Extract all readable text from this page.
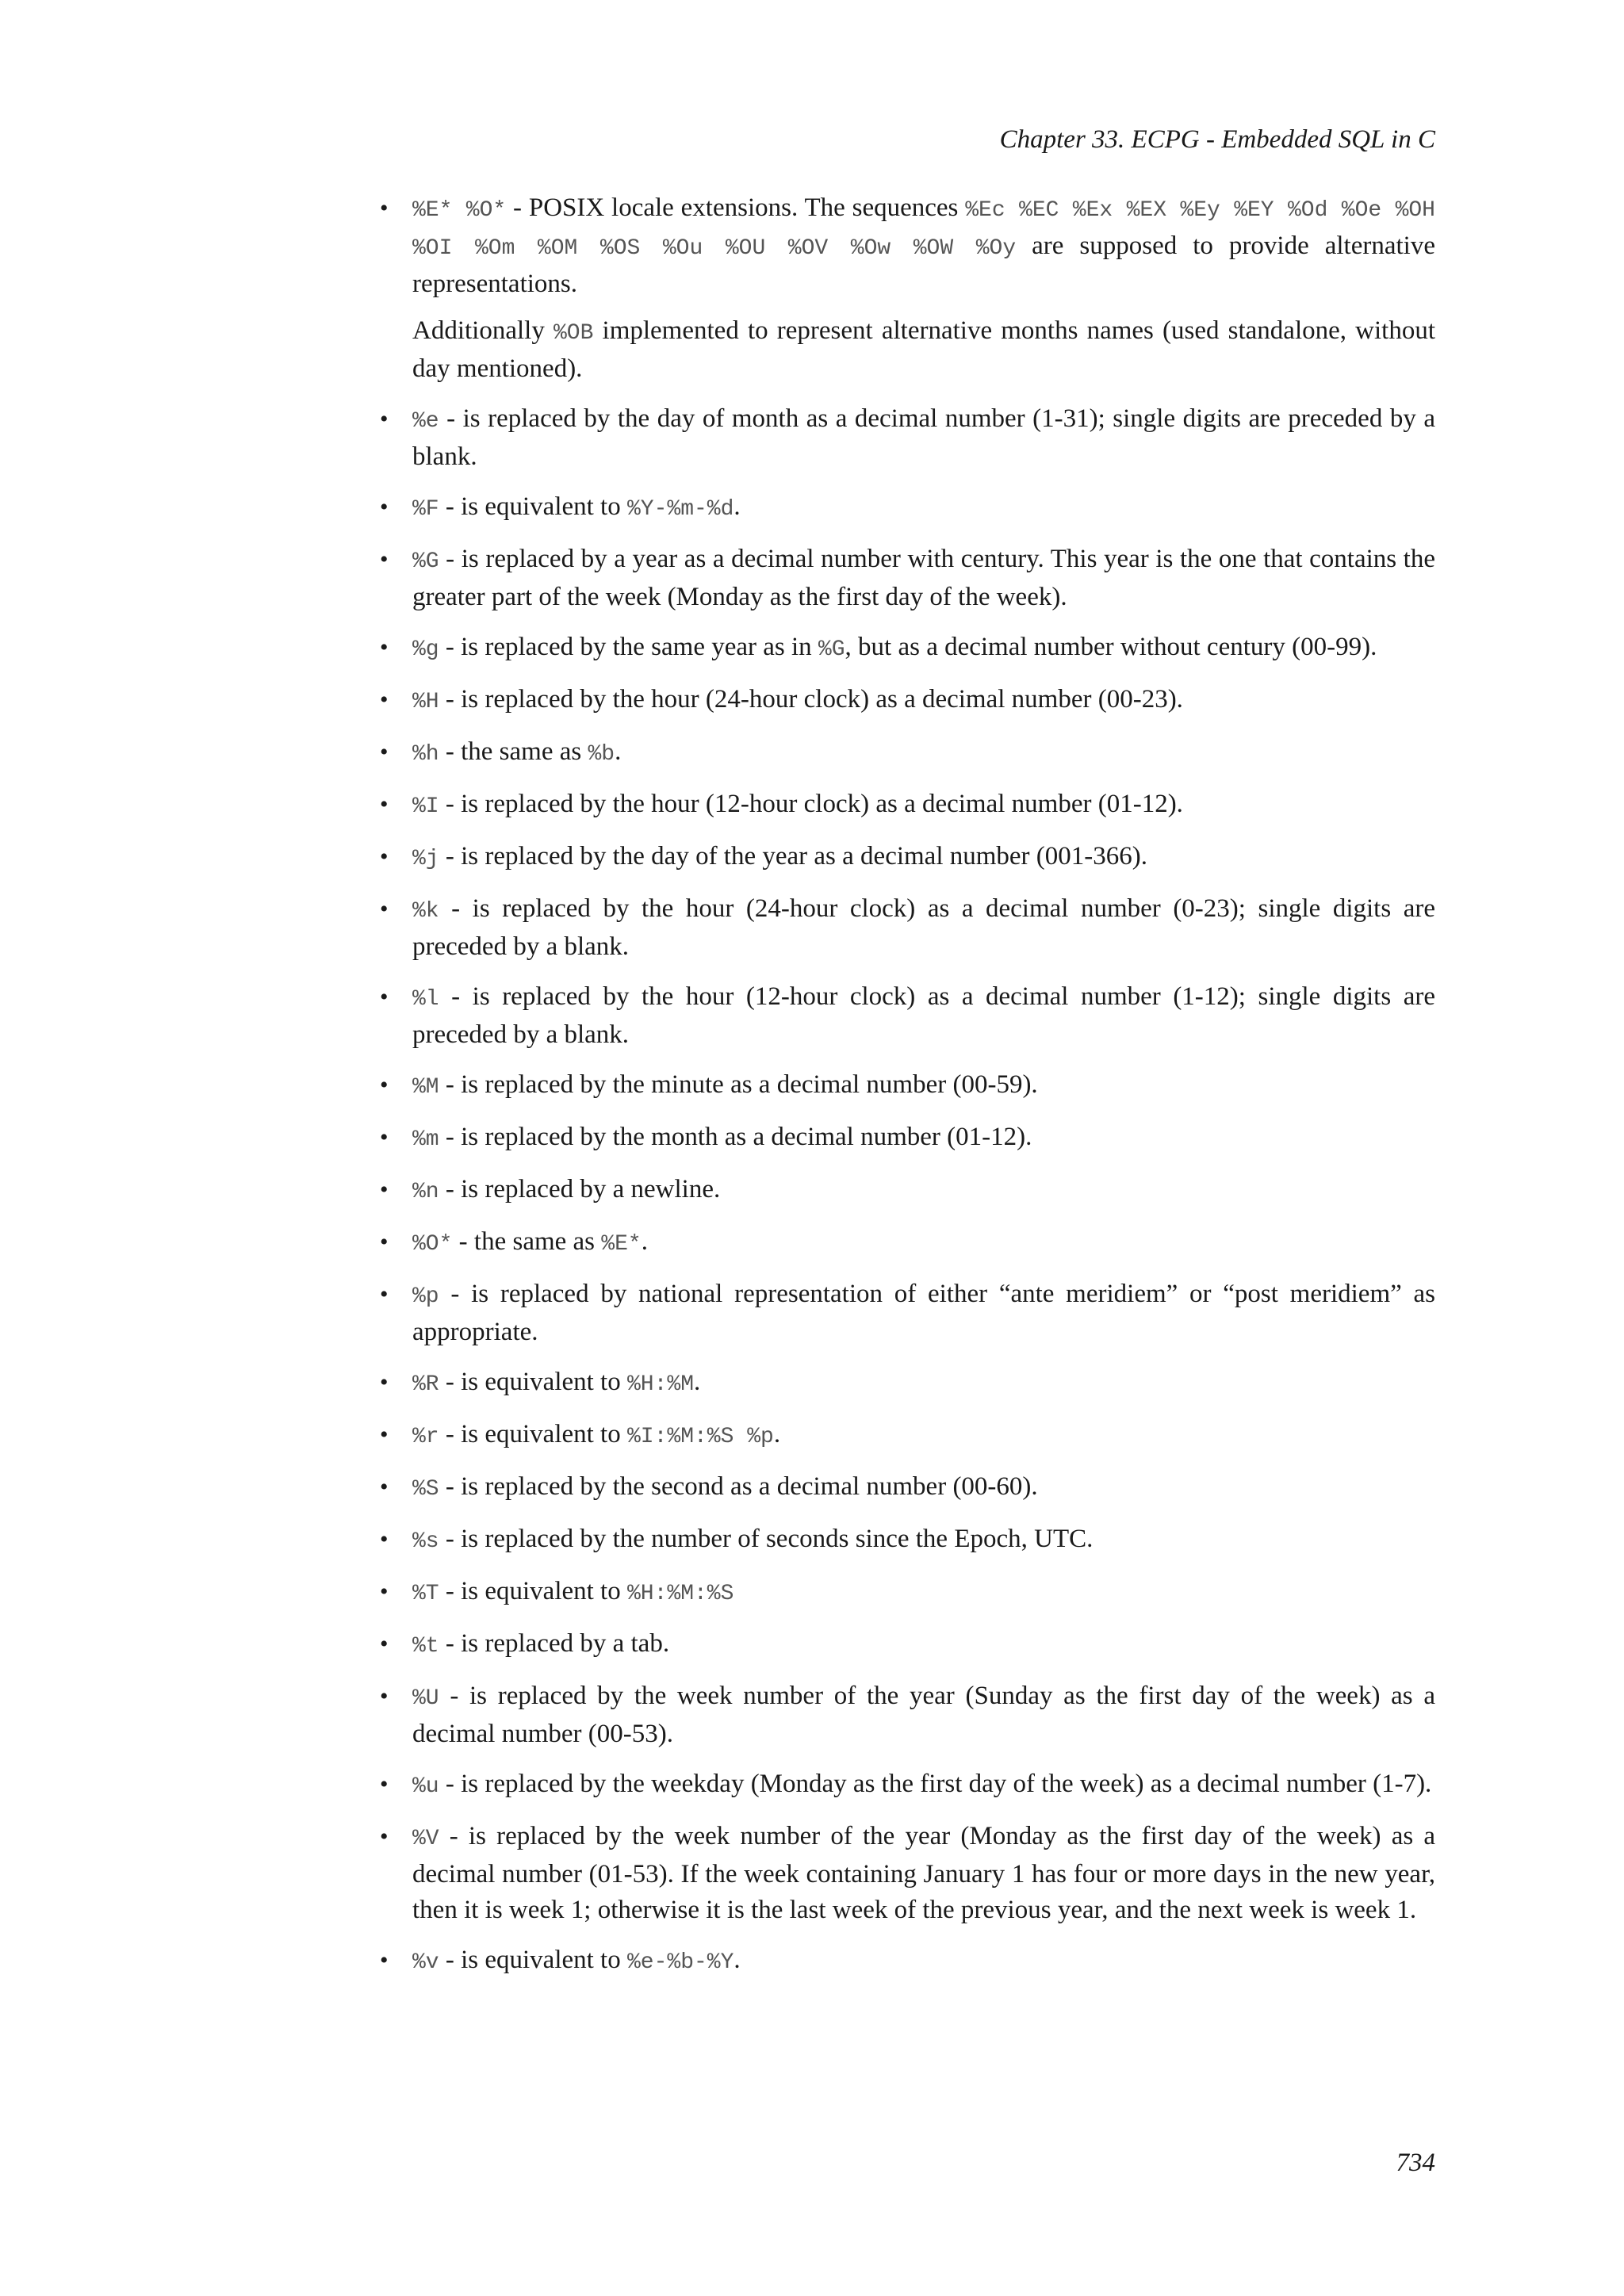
Chapter 33. ECPG - Embedded SQL in C
• %E* %O* - POSIX locale extensions. The sequences %Ec %EC %Ex %EX %Ey %EY %Od %Oe %OH %OI %Om %OM %OS %Ou %OU %OV %Ow %OW %Oy are supposed to provide alternative representations.

Additionally %OB implemented to represent alternative months names (used standalone, without day mentioned).

• %e - is replaced by the day of month as a decimal number (1-31); single digits are preceded by a blank.
• %F - is equivalent to %Y-%m-%d.
• %G - is replaced by a year as a decimal number with century. This year is the one that contains the greater part of the week (Monday as the first day of the week).
• %g - is replaced by the same year as in %G, but as a decimal number without century (00-99).
• %H - is replaced by the hour (24-hour clock) as a decimal number (00-23).
• %h - the same as %b.
• %I - is replaced by the hour (12-hour clock) as a decimal number (01-12).
• %j - is replaced by the day of the year as a decimal number (001-366).
• %k - is replaced by the hour (24-hour clock) as a decimal number (0-23); single digits are preceded by a blank.
• %l - is replaced by the hour (12-hour clock) as a decimal number (1-12); single digits are preceded by a blank.
• %M - is replaced by the minute as a decimal number (00-59).
• %m - is replaced by the month as a decimal number (01-12).
• %n - is replaced by a newline.
• %O* - the same as %E*.
• %p - is replaced by national representation of either “ante meridiem” or “post meridiem” as appropriate.
• %R - is equivalent to %H:%M.
• %r - is equivalent to %I:%M:%S %p.
• %S - is replaced by the second as a decimal number (00-60).
• %s - is replaced by the number of seconds since the Epoch, UTC.
• %T - is equivalent to %H:%M:%S
• %t - is replaced by a tab.
• %U - is replaced by the week number of the year (Sunday as the first day of the week) as a decimal number (00-53).
• %u - is replaced by the weekday (Monday as the first day of the week) as a decimal number (1-7).
• %V - is replaced by the week number of the year (Monday as the first day of the week) as a decimal number (01-53). If the week containing January 1 has four or more days in the new year, then it is week 1; otherwise it is the last week of the previous year, and the next week is week 1.
• %v - is equivalent to %e-%b-%Y.
734
